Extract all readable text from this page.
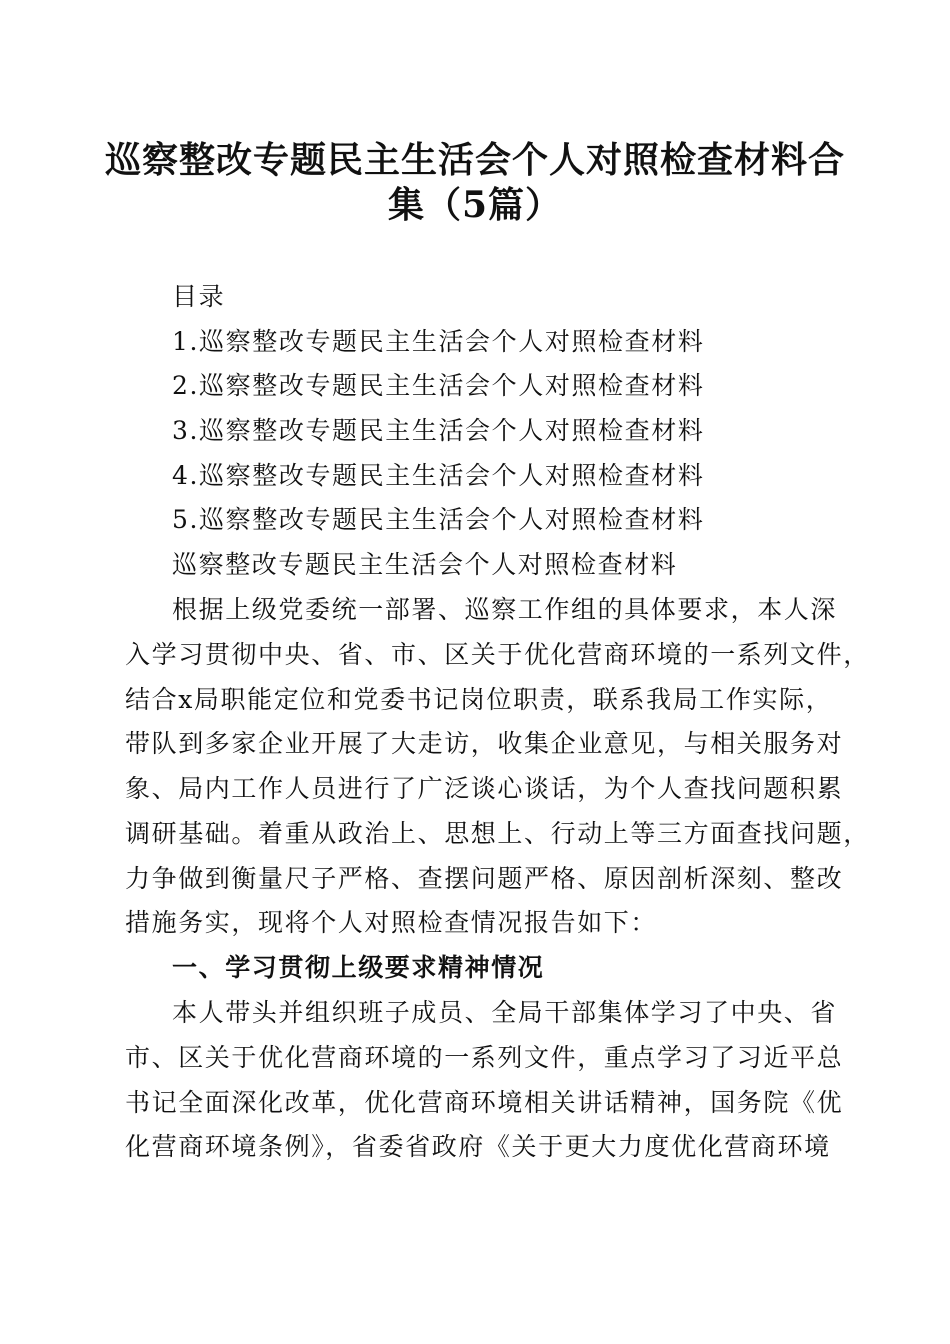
巡察整改专题民主生活会个人对照检查材料合
集（5篇）
目录
1.巡察整改专题民主生活会个人对照检查材料
2.巡察整改专题民主生活会个人对照检查材料
3.巡察整改专题民主生活会个人对照检查材料
4.巡察整改专题民主生活会个人对照检查材料
5.巡察整改专题民主生活会个人对照检查材料
巡察整改专题民主生活会个人对照检查材料
根据上级党委统一部署、巡察工作组的具体要求，本人深
入学习贯彻中央、省、市、区关于优化营商环境的一系列文件，
结合x局职能定位和党委书记岗位职责，联系我局工作实际，
带队到多家企业开展了大走访，收集企业意见，与相关服务对
象、局内工作人员进行了广泛谈心谈话，为个人查找问题积累
调研基础。着重从政治上、思想上、行动上等三方面查找问题，
力争做到衡量尺子严格、查摆问题严格、原因剖析深刻、整改
措施务实，现将个人对照检查情况报告如下：
一、学习贯彻上级要求精神情况
本人带头并组织班子成员、全局干部集体学习了中央、省
市、区关于优化营商环境的一系列文件，重点学习了习近平总
书记全面深化改革，优化营商环境相关讲话精神，国务院《优
化营商环境条例》，省委省政府《关于更大力度优化营商环境
